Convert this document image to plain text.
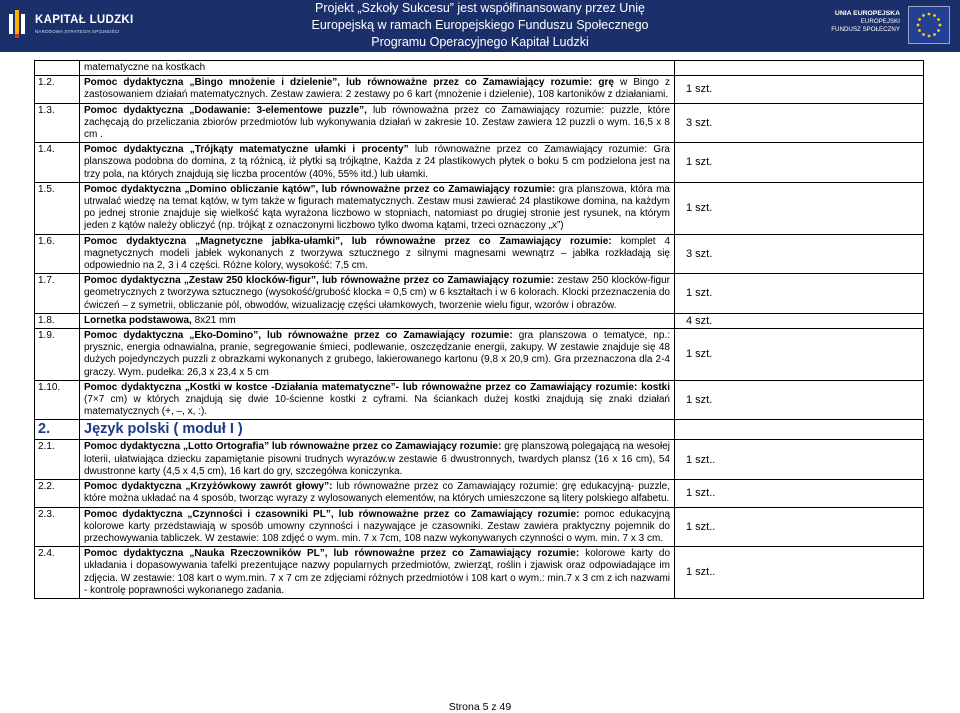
KAPITAŁ LUDZKI
NARODOWA STRATEGIA SPÓJNOŚCI
Projekt „Szkoły Sukcesu” jest współfinansowany przez Unię
Europejską w ramach Europejskiego Funduszu Społecznego
Programu Operacyjnego Kapitał Ludzki
UNIA EUROPEJSKA
EUROPEJSKI
FUNDUSZ SPOŁECZNY
	matematyczne na kostkach	
1.2.	Pomoc dydaktyczna „Bingo mnożenie i dzielenie”, lub równoważne przez co Zamawiający rozumie: grę w Bingo z zastosowaniem działań matematycznych. Zestaw zawiera: 2 zestawy po 6 kart (mnożenie i dzielenie), 108 kartoników z działaniami.	1 szt.
1.3.	Pomoc dydaktyczna „Dodawanie: 3-elementowe puzzle”, lub równoważna przez co Zamawiający rozumie: puzzle, które zachęcają do przeliczania zbiorów przedmiotów lub wykonywania działań w zakresie 10. Zestaw zawiera 12 puzzli o wym. 16,5 x 8 cm .	3 szt.
1.4.	Pomoc dydaktyczna „Trójkąty matematyczne ułamki i procenty” lub równoważne przez co Zamawiający rozumie: Gra planszowa podobna do domina, z tą różnicą, iż płytki są trójkątne, Każda z 24 plastikowych płytek o boku 5 cm podzielona jest na trzy pola, na których znajdują się liczba procentów (40%, 55% itd.) lub ułamki.	1 szt.
1.5.	Pomoc dydaktyczna „Domino obliczanie kątów”, lub równoważne przez co Zamawiający rozumie: gra planszowa, która ma utrwalać wiedzę na temat kątów, w tym także w figurach matematycznych. Zestaw musi zawierać 24 plastikowe domina, na każdym po jednej stronie znajduje się wielkość kąta wyrażona liczbowo w stopniach, natomiast po drugiej stronie jest rysunek, na którym jeden z kątów należy obliczyć (np. trójkąt z oznaczonymi liczbowo tylko dwoma kątami, trzeci oznaczony „x”)	1 szt.
1.6.	Pomoc dydaktyczna „Magnetyczne jabłka-ułamki”, lub równoważne przez co Zamawiający rozumie: komplet 4 magnetycznych modeli jabłek wykonanych z tworzywa sztucznego z silnymi magnesami wewnątrz – jabłka rozkładają się odpowiednio na 2, 3 i 4 części. Różne kolory, wysokość: 7,5 cm.	3 szt.
1.7.	Pomoc dydaktyczna „Zestaw 250 klocków-figur”, lub równoważne przez co Zamawiający rozumie: zestaw 250 klocków-figur geometrycznych z tworzywa sztucznego (wysokość/grubość klocka = 0,5 cm) w 6 kształtach i w 6 kolorach. Klocki przeznaczenia do ćwiczeń – z symetrii, obliczanie pól, obwodów, wizualizację części ułamkowych, tworzenie wielu figur, wzorów i obrazów.	1 szt.
1.8.	Lornetka podstawowa, 8x21 mm	4 szt.
1.9.	Pomoc dydaktyczna „Eko-Domino”, lub równoważne przez co Zamawiający rozumie: gra planszowa o tematyce, np.: prysznic, energia odnawialna, pranie, segregowanie śmieci, podlewanie, oszczędzanie energii, zakupy. W zestawie znajduje się 48 dużych pojedynczych puzzli z obrazkami wykonanych z grubego, lakierowanego kartonu (9,8 x 20,9 cm). Gra przeznaczona dla 2-4 graczy. Wym. pudełka: 26,3 x 23,4 x 5 cm	1 szt.
1.10.	Pomoc dydaktyczna „Kostki w kostce -Działania matematyczne”- lub równoważne przez co Zamawiający rozumie: kostki (7×7 cm) w których znajdują się dwie 10-ścienne kostki z cyframi. Na ściankach dużej kostki znajdują się znaki działań matematycznych (+, –, x, :).	1 szt.
2.	Język polski ( moduł I )	
2.1.	Pomoc dydaktyczna „Lotto Ortografia” lub równoważne przez co Zamawiający rozumie: grę planszową polegającą na wesołej loterii, ułatwiająca dziecku zapamiętanie pisowni trudnych wyrazów.w zestawie 6 dwustronnych, twardych plansz (16 x 16 cm), 54 dwustronne karty (4,5 x 4,5 cm), 16 kart do gry, szczegółwa koniczynka.	1 szt..
2.2.	Pomoc dydaktyczna „Krzyżówkowy zawrót głowy”: lub równoważne przez co Zamawiający rozumie: grę edukacyjną- puzzle, które można układać na 4 sposób, tworząc wyrazy z wylosowanych elementów, na których umieszczone są litery polskiego alfabetu.	1 szt..
2.3.	Pomoc dydaktyczna „Czynności i czasowniki PL”, lub równoważne przez co Zamawiający rozumie: pomoc edukacyjną kolorowe karty przedstawiają w sposób umowny czynności i nazywające je czasowniki. Zestaw zawiera praktyczny pojemnik do przechowywania tabliczek. W zestawie: 108 zdjęć o wym. min. 7 x 7cm, 108 nazw wykonywanych czynności o wym. min. 7 x 3 cm.	1 szt..
2.4.	Pomoc dydaktyczna „Nauka Rzeczowników PL”, lub równoważne przez co Zamawiający rozumie: kolorowe karty do układania i dopasowywania tafelki prezentujące nazwy popularnych przedmiotów, zwierząt, roślin i zjawisk oraz odpowiadające im zdjęcia. W zestawie: 108 kart o wym.min. 7 x 7 cm ze zdjęciami różnych przedmiotów i 108 kart o wym.: min.7 x 3 cm z ich nazwami - kontrolę poprawności wykonanego zadania.	1 szt..
Strona 5 z 49
